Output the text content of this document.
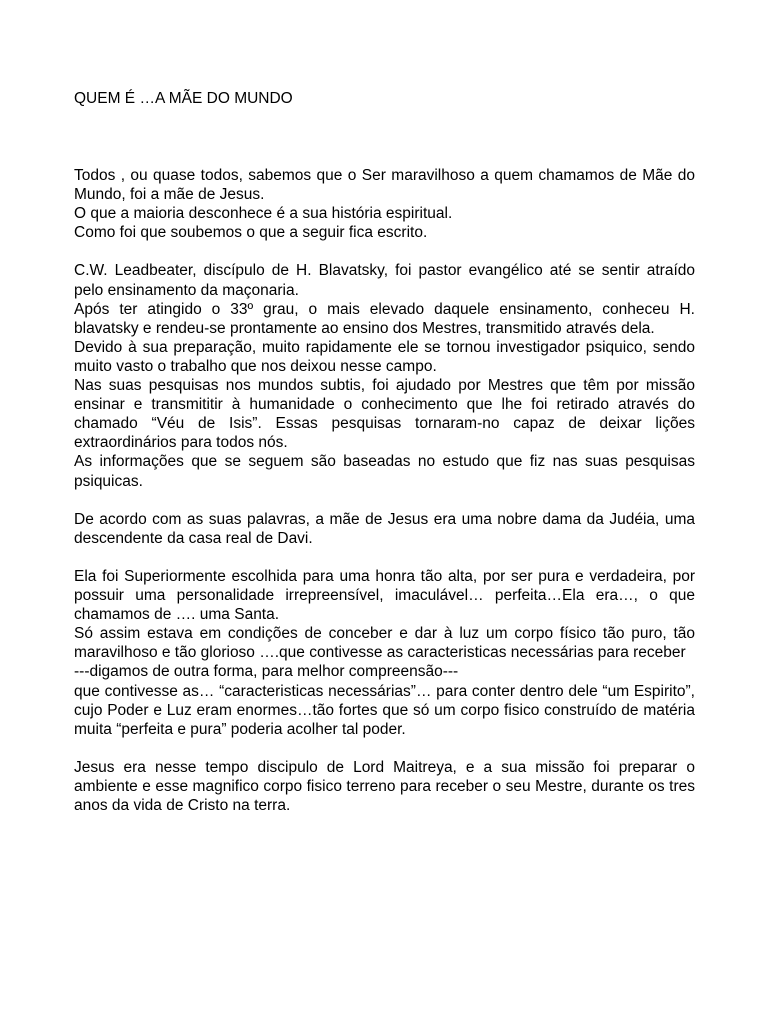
QUEM É …A MÃE DO MUNDO

Todos , ou quase todos, sabemos que o Ser maravilhoso a quem chamamos de Mãe do Mundo, foi a mãe de Jesus.

O que a maioria desconhece é a sua história espiritual.

Como foi que soubemos o que a seguir fica escrito.

C.W. Leadbeater, discípulo de H. Blavatsky, foi pastor evangélico até se sentir atraído pelo ensinamento da maçonaria.

Após ter atingido o 33º grau, o mais elevado daquele ensinamento, conheceu H. blavatsky e rendeu-se prontamente ao ensino dos Mestres, transmitido através dela.

Devido à sua preparação, muito rapidamente ele se tornou investigador psiquico, sendo muito vasto o trabalho que nos deixou nesse campo.

Nas suas pesquisas nos mundos subtis, foi ajudado por Mestres que têm por missão ensinar e transmititir à humanidade o conhecimento que lhe foi retirado através do chamado “Véu de Isis”. Essas pesquisas tornaram-no capaz de deixar lições extraordinários para todos nós.

As informações que se seguem são baseadas no estudo que fiz nas suas pesquisas psiquicas.

De acordo com as suas palavras, a mãe de Jesus era uma nobre dama da Judéia, uma descendente da casa real de Davi.

Ela foi Superiormente escolhida para uma honra tão alta, por ser pura e verdadeira, por possuir uma personalidade irrepreensível, imaculável… perfeita…Ela era…, o que chamamos de …. uma Santa.

Só assim estava em condições de conceber e dar à luz um corpo físico tão puro, tão maravilhoso e tão glorioso ….que contivesse as caracteristicas necessárias para receber

---digamos de outra forma, para melhor compreensão---

que contivesse as… “caracteristicas necessárias”… para conter dentro dele “um Espirito”, cujo Poder e Luz eram enormes…tão fortes que só um corpo fisico construído de matéria muita “perfeita e pura” poderia acolher tal poder.

Jesus era nesse tempo discipulo de Lord Maitreya, e a sua missão foi preparar o ambiente e esse magnifico corpo fisico terreno para receber o seu Mestre, durante os tres anos da vida de Cristo na terra.
